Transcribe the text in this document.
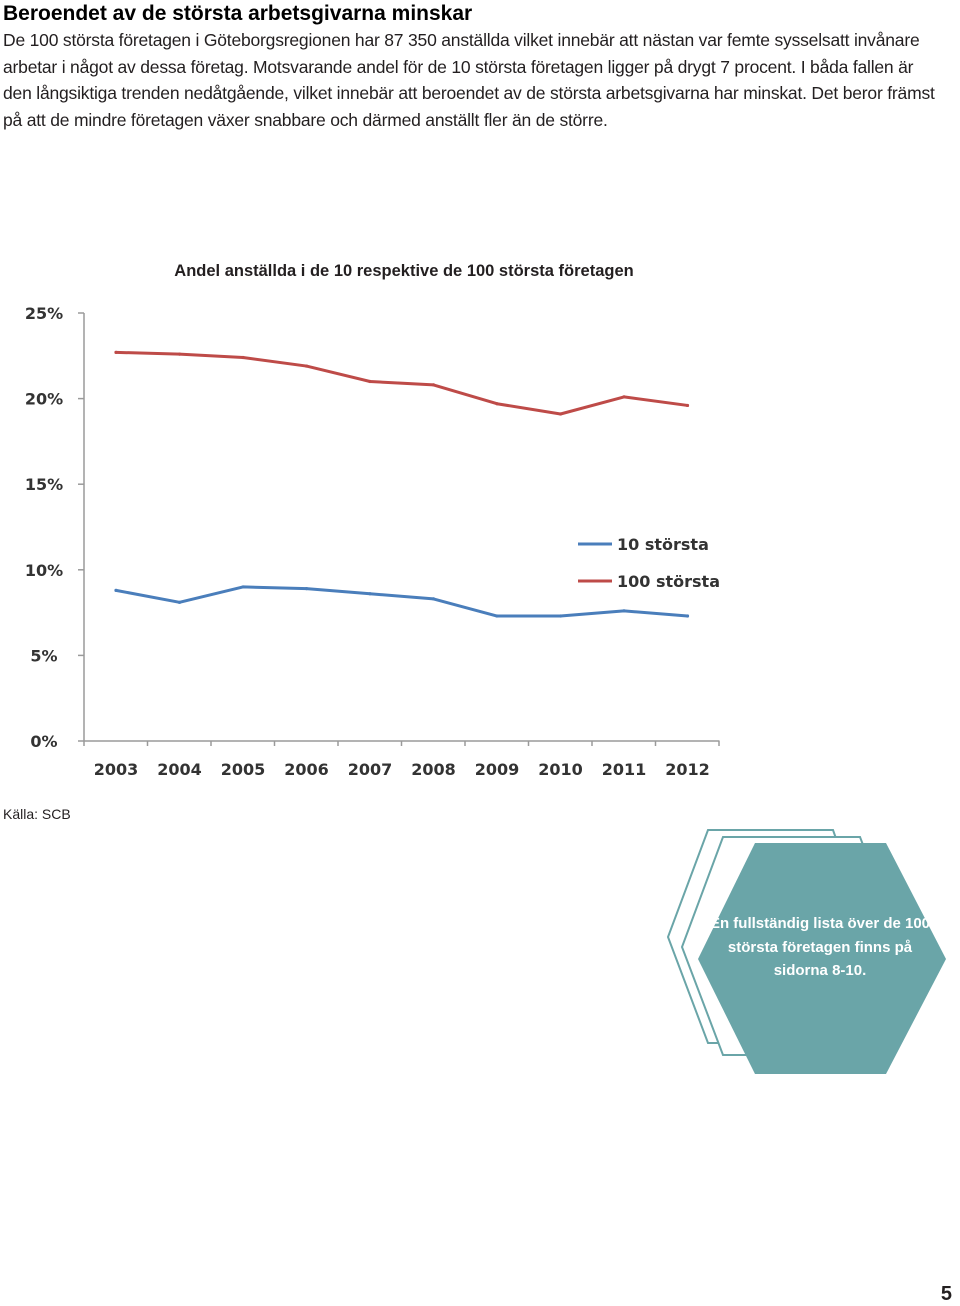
Beroendet av de största arbetsgivarna minskar

De 100 största företagen i Göteborgsregionen har 87 350 anställda vilket innebär att nästan var femte sysselsatt invånare arbetar i något av dessa företag. Motsvarande andel för de 10 största företagen ligger på drygt 7 procent. I båda fallen är den långsiktiga trenden nedåtgående, vilket innebär att beroendet av de största arbetsgivarna har minskat. Det beror främst på att de mindre företagen växer snabbare och därmed anställt fler än de större.

Andel anställda i de 10 respektive de 100 största företagen
0%
5%
10%
15%
20%
25%
2003 2004 2005 2006 2007 2008 2009 2010 2011 2012
10 största
100 största
Källa: SCB
En fullständig lista över de 100 största företagen finns på sidorna 8-10.
5
